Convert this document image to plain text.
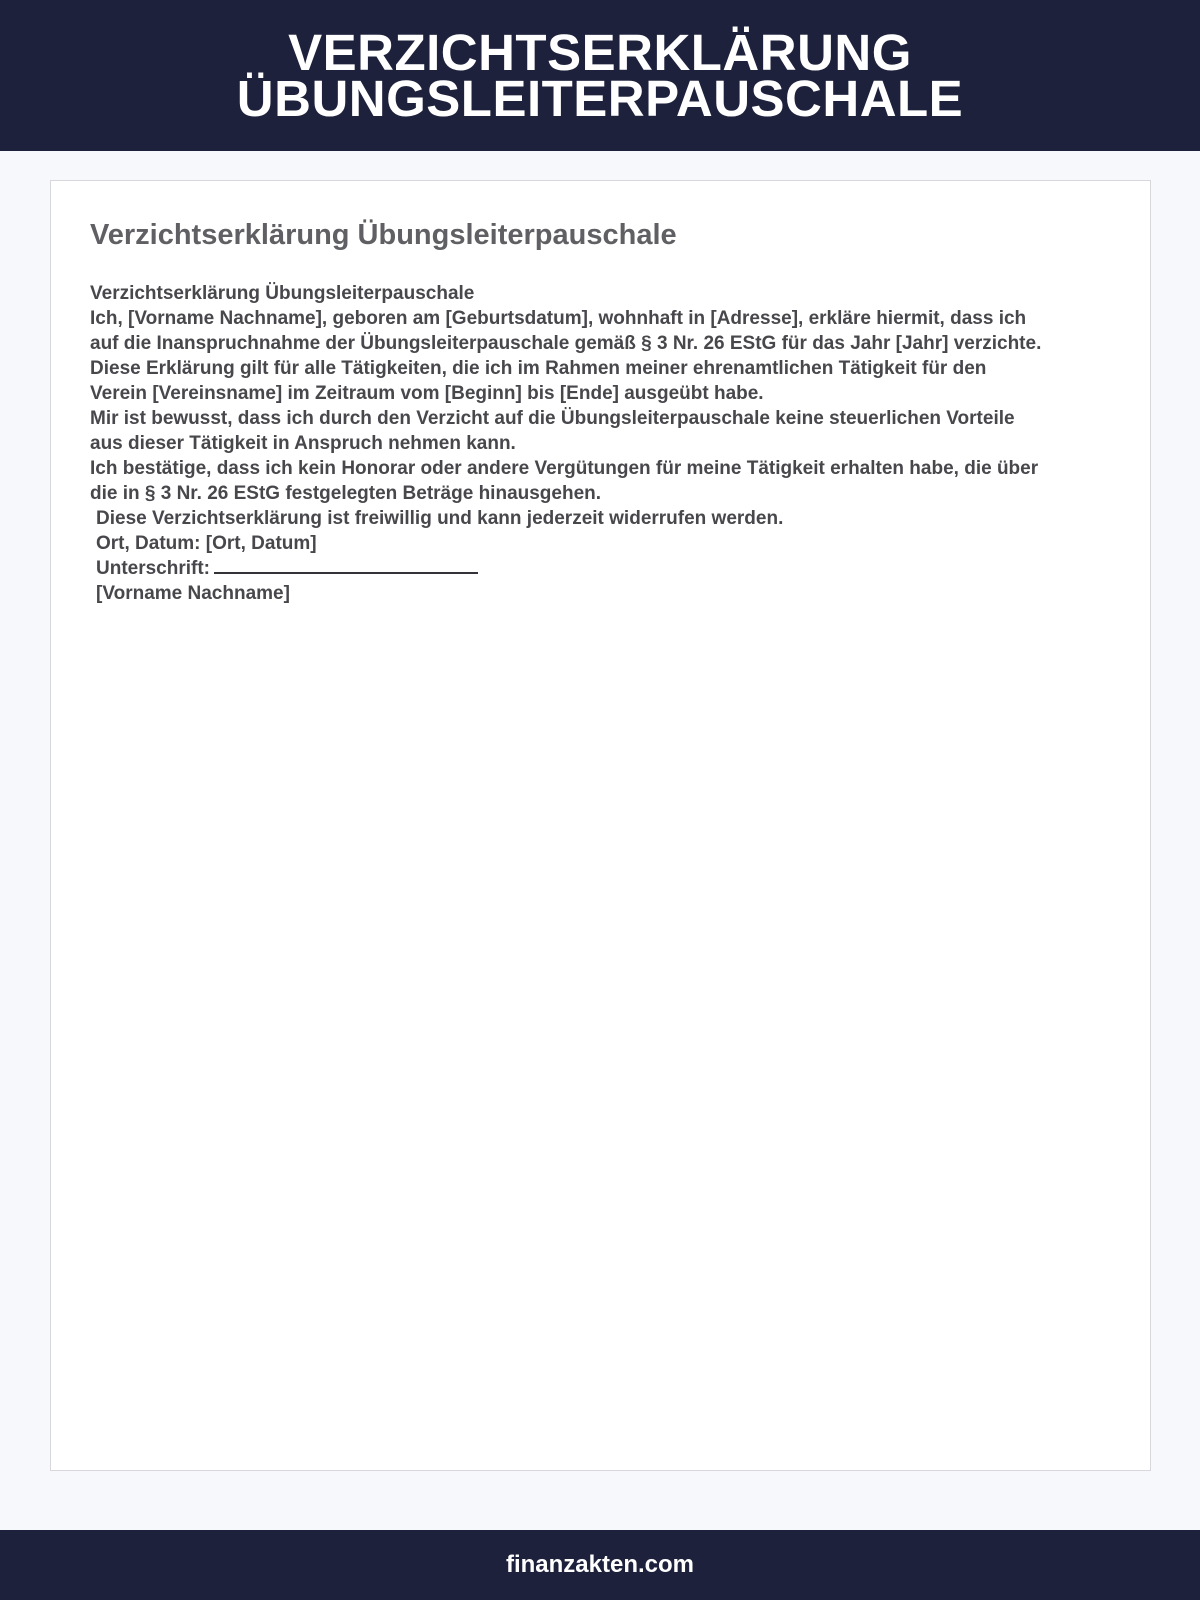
VERZICHTSERKLÄRUNG
ÜBUNGSLEITERPAUSCHALE
Verzichtserklärung Übungsleiterpauschale
Verzichtserklärung Übungsleiterpauschale
Ich, [Vorname Nachname], geboren am [Geburtsdatum], wohnhaft in [Adresse], erkläre hiermit, dass ich
auf die Inanspruchnahme der Übungsleiterpauschale gemäß § 3 Nr. 26 EStG für das Jahr [Jahr] verzichte.
Diese Erklärung gilt für alle Tätigkeiten, die ich im Rahmen meiner ehrenamtlichen Tätigkeit für den
Verein [Vereinsname] im Zeitraum vom [Beginn] bis [Ende] ausgeübt habe.
Mir ist bewusst, dass ich durch den Verzicht auf die Übungsleiterpauschale keine steuerlichen Vorteile
aus dieser Tätigkeit in Anspruch nehmen kann.
Ich bestätige, dass ich kein Honorar oder andere Vergütungen für meine Tätigkeit erhalten habe, die über
die in § 3 Nr. 26 EStG festgelegten Beträge hinausgehen.
Diese Verzichtserklärung ist freiwillig und kann jederzeit widerrufen werden.
Ort, Datum: [Ort, Datum]
Unterschrift:
[Vorname Nachname]
finanzakten.com
